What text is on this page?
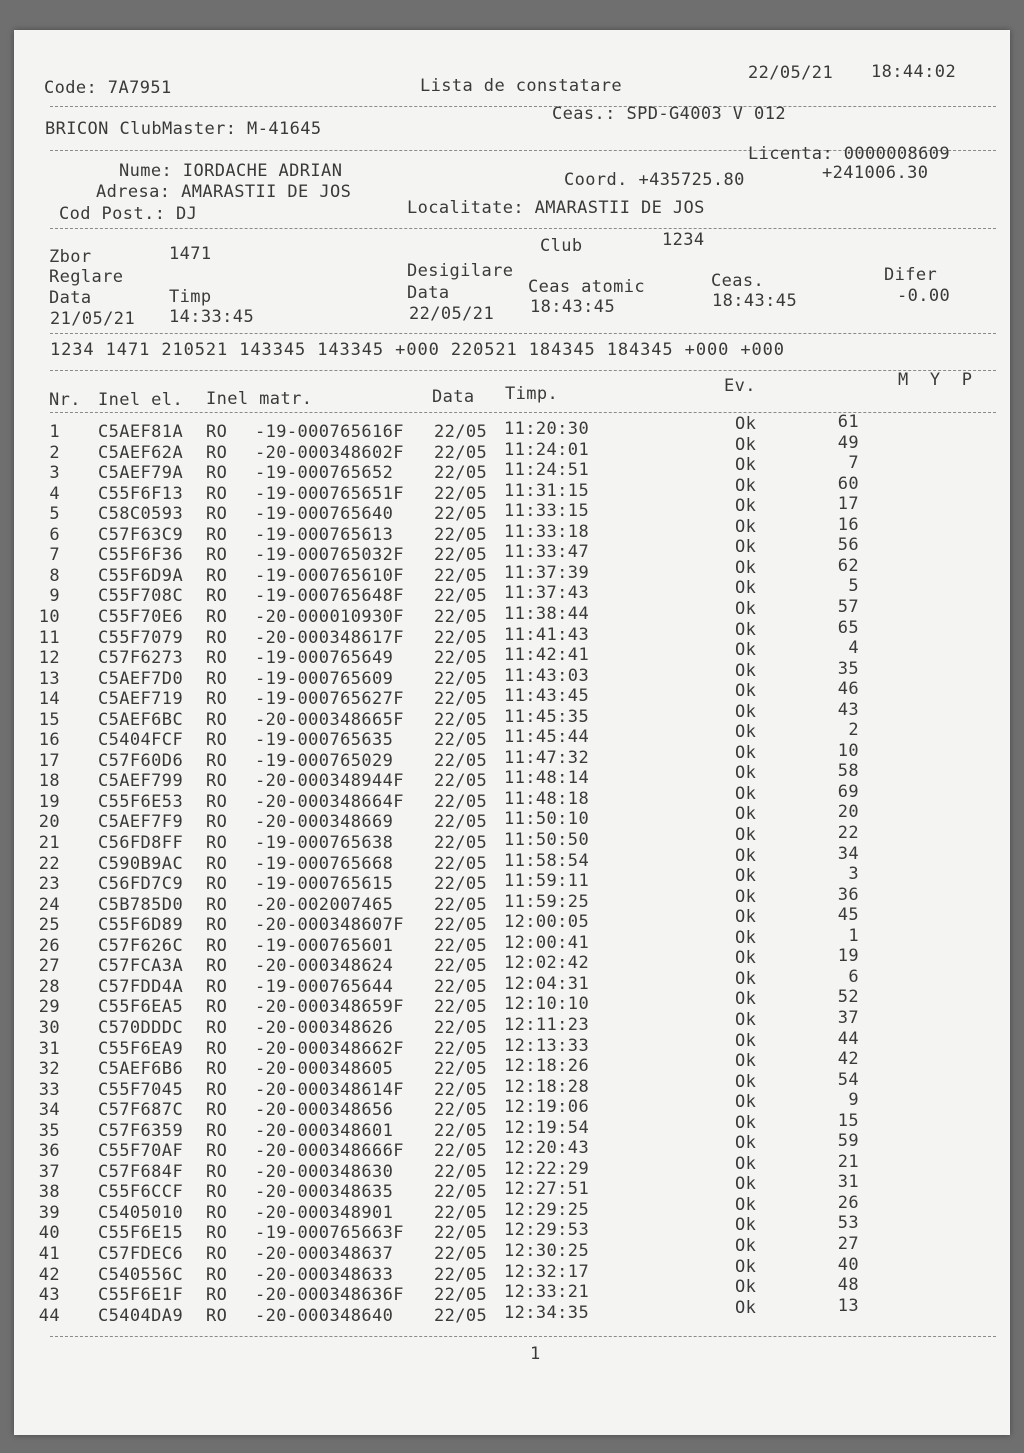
Code: 7A7951	Lista de constatare
22/05/21 18:44:02
BRICON ClubMaster: M-41645
Ceas.: SPD-G4003 V 012
Licenta: 0000008609
Nume: IORDACHE ADRIAN
Adresa: AMARASTII DE JOS
Cod Post.: DJ
Coord. +435725.80	+241006.30
Localitate: AMARASTII DE JOS
Zbor	1471	Club	1234
Reglare	Desigilare
Data	Timp	Data	Ceas atomic	Ceas.	Difer
21/05/21 14:33:45	22/05/21 18:43:45	18:43:45	-0.00
1234 1471 210521 143345 143345 +000 220521 184345 184345 +000 +000
Nr. Inel el. Inel matr.	Data Timp.	Ev.	M  Y  P
1 C5AEF81A RO -19-000765616F 22/05 11:20:30	Ok	61
2 C5AEF62A RO -20-000348602F 22/05 11:24:01	Ok	49
3 C5AEF79A RO -19-000765652 22/05 11:24:51	Ok	7
4 C55F6F13 RO -19-000765651F 22/05 11:31:15	Ok	60
5 C58C0593 RO -19-000765640 22/05 11:33:15	Ok	17
6 C57F63C9 RO -19-000765613 22/05 11:33:18	Ok	16
7 C55F6F36 RO -19-000765032F 22/05 11:33:47	Ok	56
8 C55F6D9A RO -19-000765610F 22/05 11:37:39	Ok	62
9 C55F708C RO -19-000765648F 22/05 11:37:43	Ok	5
10 C55F70E6 RO -20-000010930F 22/05 11:38:44	Ok	57
11 C55F7079 RO -20-000348617F 22/05 11:41:43	Ok	65
12 C57F6273 RO -19-000765649 22/05 11:42:41	Ok	4
13 C5AEF7D0 RO -19-000765609 22/05 11:43:03	Ok	35
14 C5AEF719 RO -19-000765627F 22/05 11:43:45	Ok	46
15 C5AEF6BC RO -20-000348665F 22/05 11:45:35	Ok	43
16 C5404FCF RO -19-000765635 22/05 11:45:44	Ok	2
17 C57F60D6 RO -19-000765029 22/05 11:47:32	Ok	10
18 C5AEF799 RO -20-000348944F 22/05 11:48:14	Ok	58
19 C55F6E53 RO -20-000348664F 22/05 11:48:18	Ok	69
20 C5AEF7F9 RO -20-000348669 22/05 11:50:10	Ok	20
21 C56FD8FF RO -19-000765638 22/05 11:50:50	Ok	22
22 C590B9AC RO -19-000765668 22/05 11:58:54	Ok	34
23 C56FD7C9 RO -19-000765615 22/05 11:59:11	Ok	3
24 C5B785D0 RO -20-002007465 22/05 11:59:25	Ok	36
25 C55F6D89 RO -20-000348607F 22/05 12:00:05	Ok	45
26 C57F626C RO -19-000765601 22/05 12:00:41	Ok	1
27 C57FCA3A RO -20-000348624 22/05 12:02:42	Ok	19
28 C57FDD4A RO -19-000765644 22/05 12:04:31	Ok	6
29 C55F6EA5 RO -20-000348659F 22/05 12:10:10	Ok	52
30 C570DDDC RO -20-000348626 22/05 12:11:23	Ok	37
31 C55F6EA9 RO -20-000348662F 22/05 12:13:33	Ok	44
32 C5AEF6B6 RO -20-000348605 22/05 12:18:26	Ok	42
33 C55F7045 RO -20-000348614F 22/05 12:18:28	Ok	54
34 C57F687C RO -20-000348656 22/05 12:19:06	Ok	9
35 C57F6359 RO -20-000348601 22/05 12:19:54	Ok	15
36 C55F70AF RO -20-000348666F 22/05 12:20:43	Ok	59
37 C57F684F RO -20-000348630 22/05 12:22:29	Ok	21
38 C55F6CCF RO -20-000348635 22/05 12:27:51	Ok	31
39 C5405010 RO -20-000348901 22/05 12:29:25	Ok	26
40 C55F6E15 RO -19-000765663F 22/05 12:29:53	Ok	53
41 C57FDEC6 RO -20-000348637 22/05 12:30:25	Ok	27
42 C540556C RO -20-000348633 22/05 12:32:17	Ok	40
43 C55F6E1F RO -20-000348636F 22/05 12:33:21	Ok	48
44 C5404DA9 RO -20-000348640 22/05 12:34:35	Ok	13
1
